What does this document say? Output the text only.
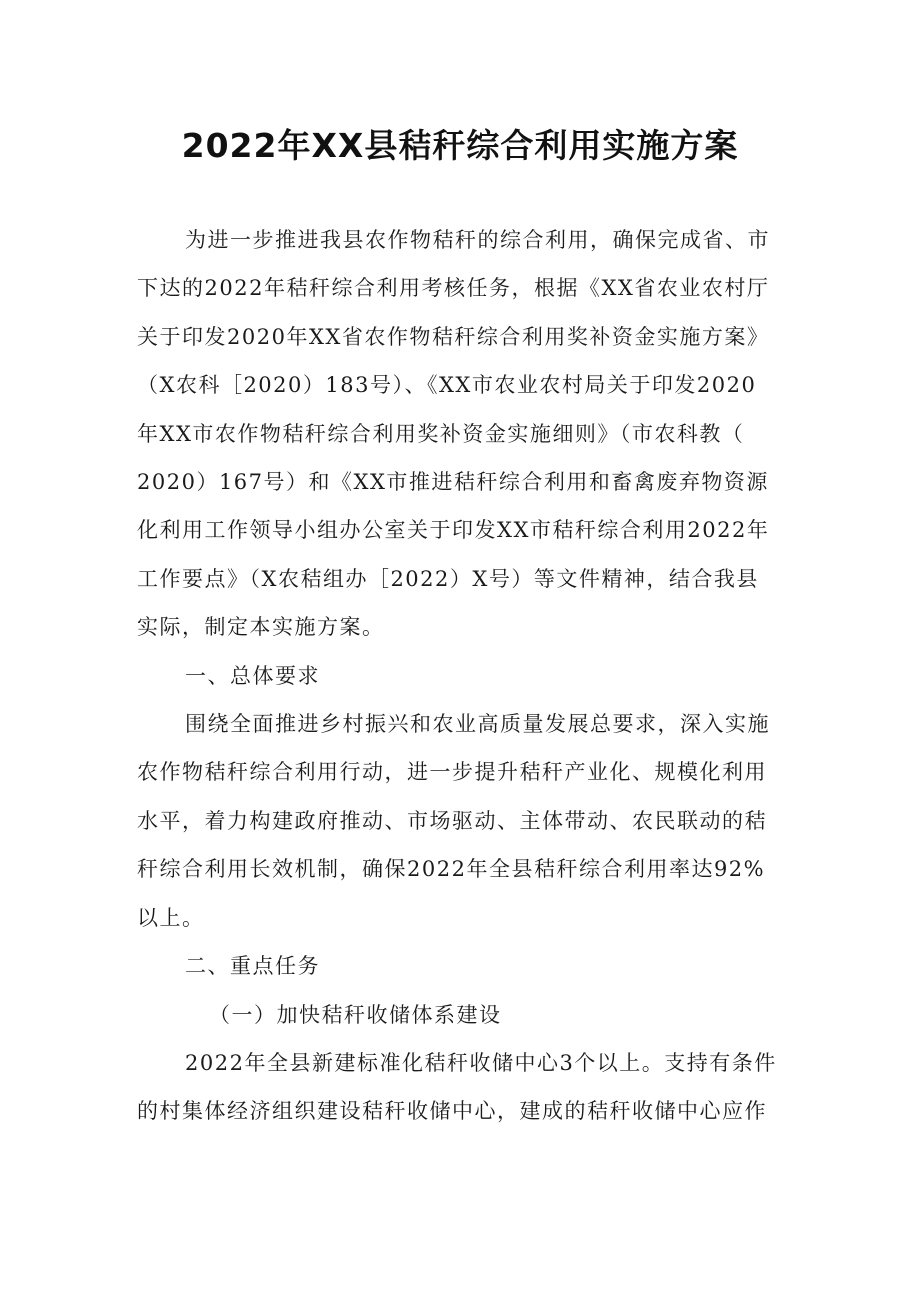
2022年XX县秸秆综合利用实施方案

为进一步推进我县农作物秸秆的综合利用，确保完成省、市
下达的2022年秸秆综合利用考核任务，根据《XX省农业农村厅
关于印发2020年XX省农作物秸秆综合利用奖补资金实施方案》
（X农科［2020）183号）、《XX市农业农村局关于印发2020
年XX市农作物秸秆综合利用奖补资金实施细则》（市农科教（
2020）167号）和《XX市推进秸秆综合利用和畜禽废弃物资源
化利用工作领导小组办公室关于印发XX市秸秆综合利用2022年
工作要点》（X农秸组办［2022）X号）等文件精神，结合我县
实际，制定本实施方案。

一、总体要求

围绕全面推进乡村振兴和农业高质量发展总要求，深入实施
农作物秸秆综合利用行动，进一步提升秸秆产业化、规模化利用
水平，着力构建政府推动、市场驱动、主体带动、农民联动的秸
秆综合利用长效机制，确保2022年全县秸秆综合利用率达92%
以上。

二、重点任务

（一）加快秸秆收储体系建设

2022年全县新建标准化秸秆收储中心3个以上。支持有条件
的村集体经济组织建设秸秆收储中心，建成的秸秆收储中心应作
